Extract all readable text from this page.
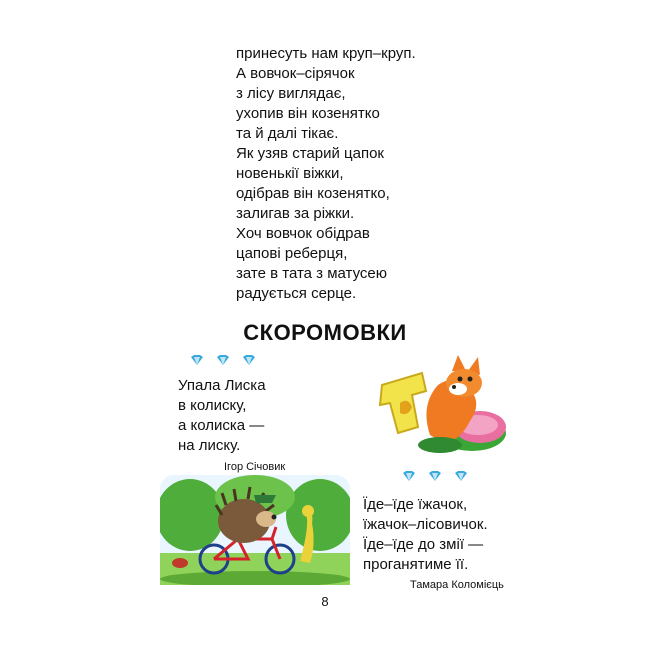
принесуть нам круп–круп.
А вовчок–сірячок
з лісу виглядає,
ухопив він козенятко
та й далі тікає.
Як узяв старий цапок
новенькії віжки,
одібрав він козенятко,
залигав за ріжки.
Хоч вовчок обідрав
цапові реберця,
зате в тата з матусею
радується серце.
СКОРОМОВКИ
Упала Лиска
в колиску,
а колиска —
на лиску.
Ігор Січовик
Їде–їде їжачок,
їжачок–лісовичок.
Їде–їде до змії —
проганятиме її.
Тамара Коломієць
8
